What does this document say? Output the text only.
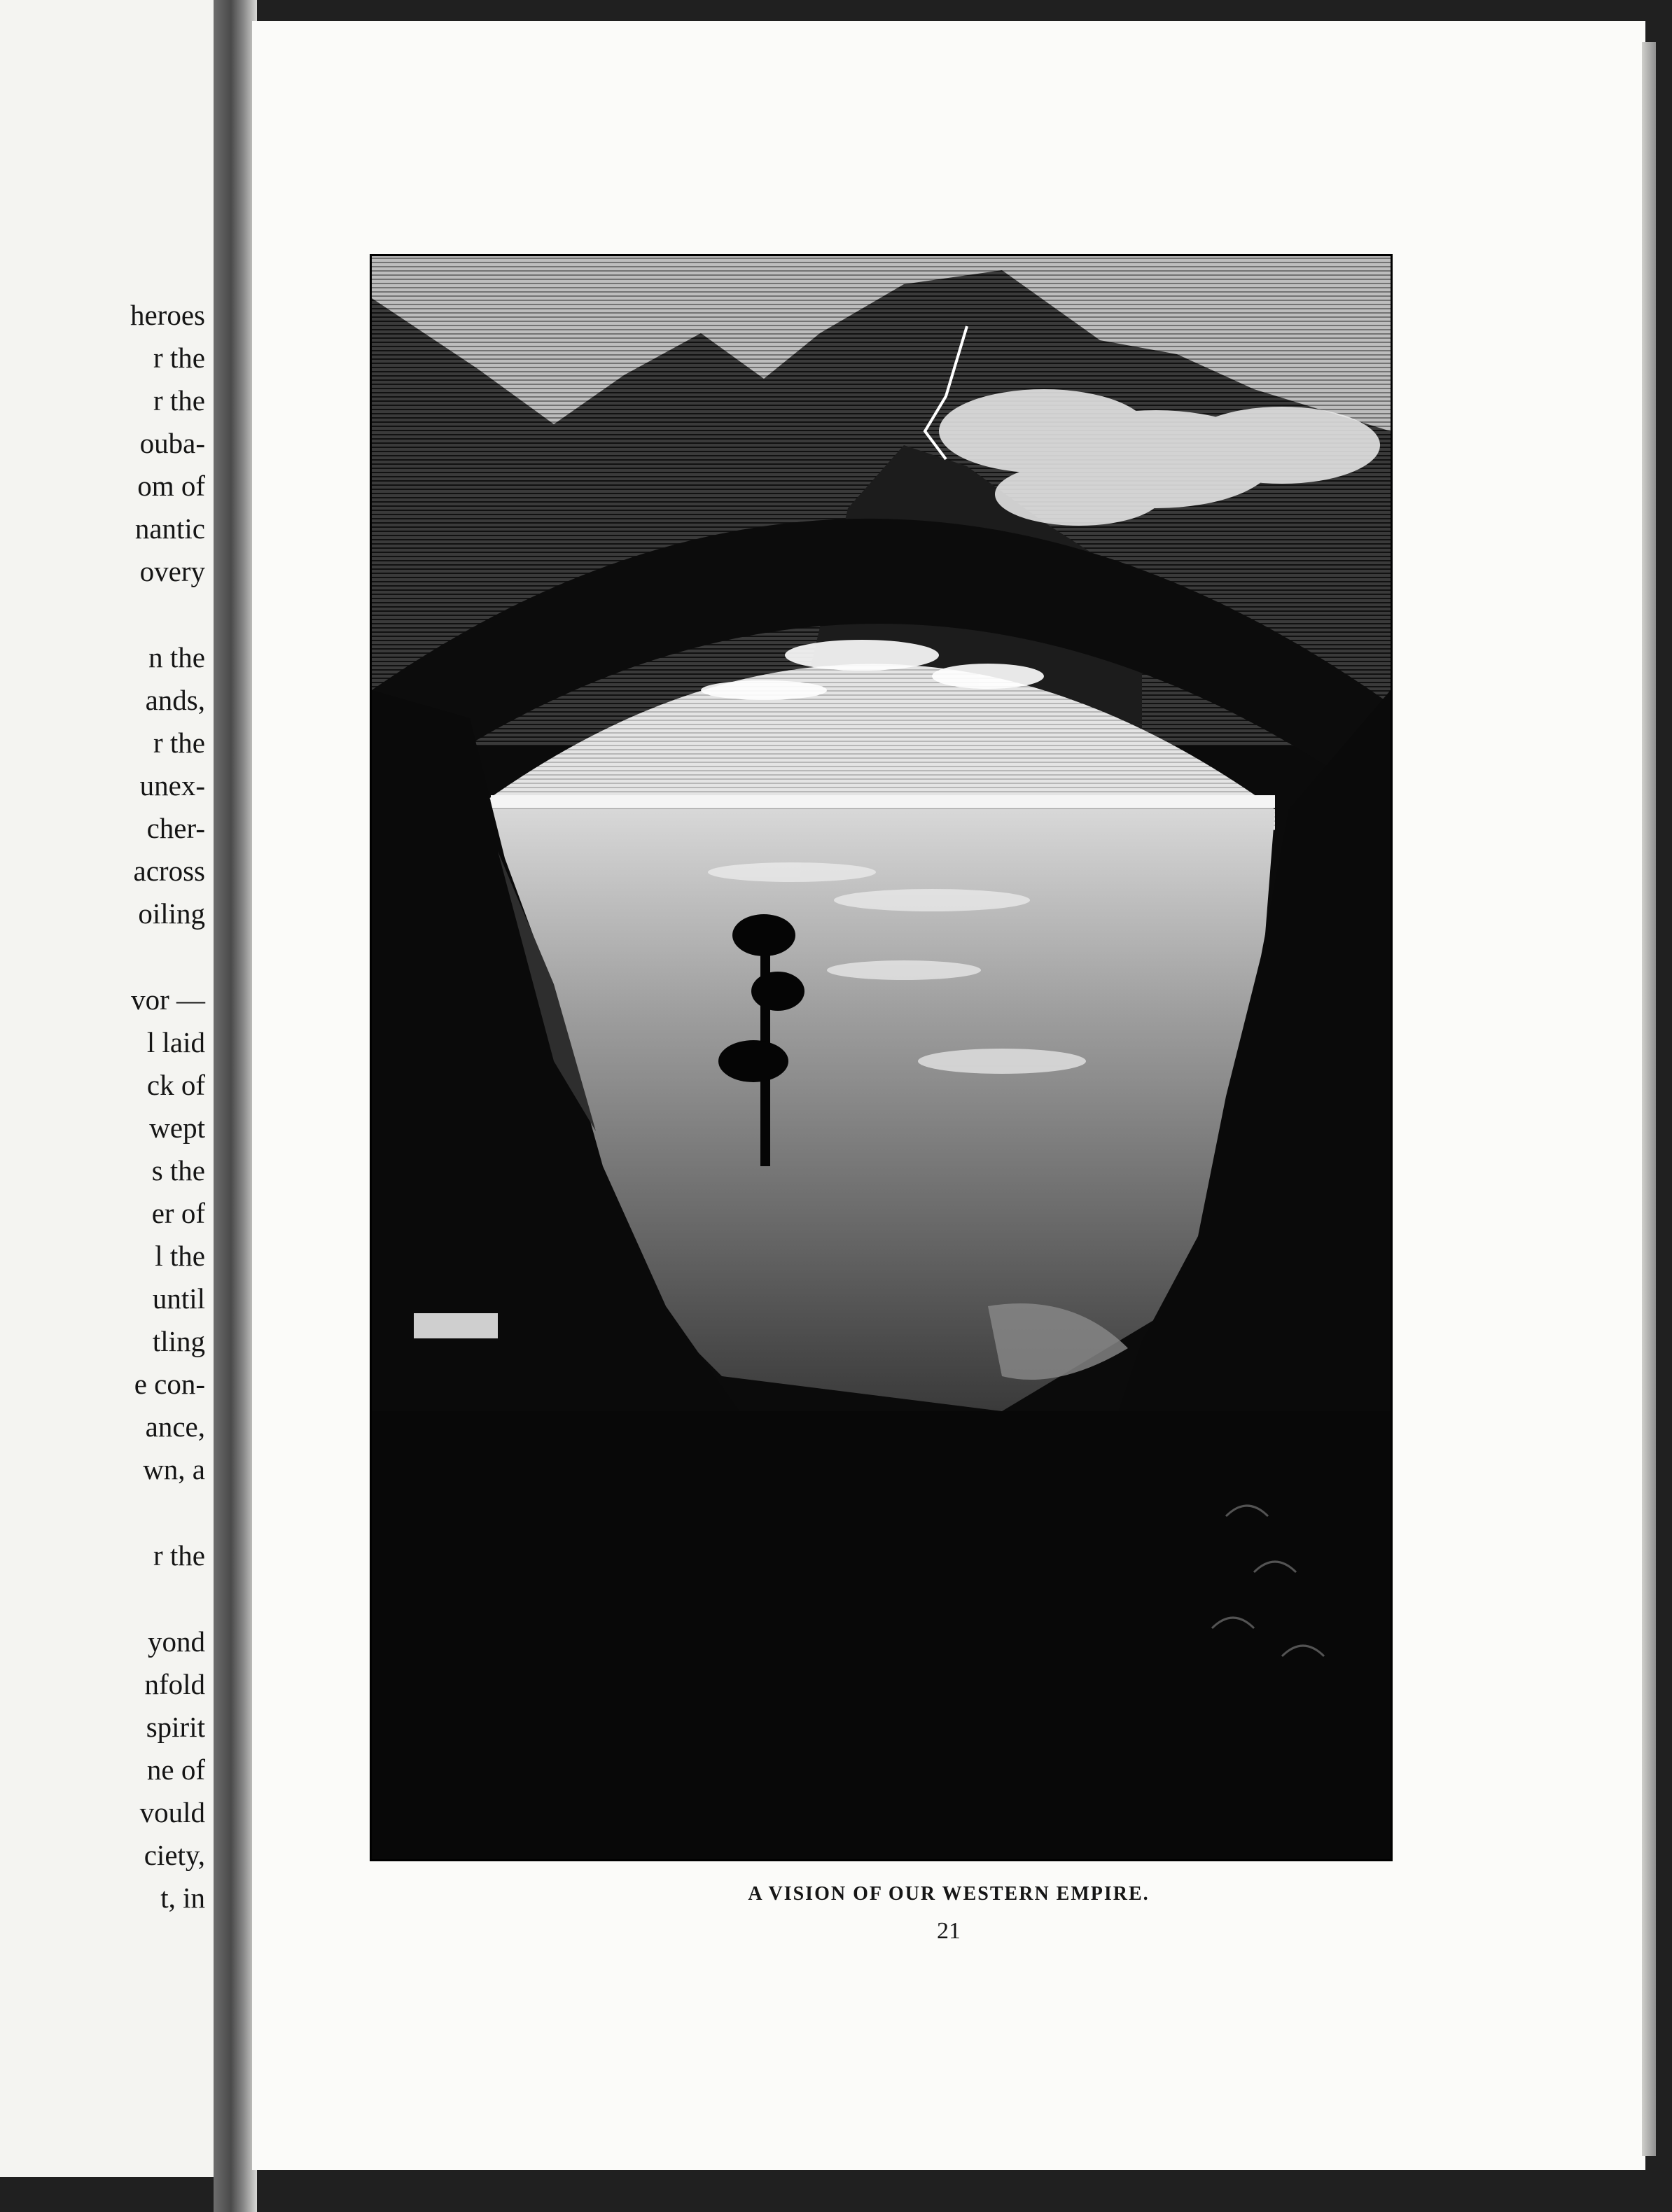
heroes
r the
r the
ouba-
om of
nantic
overy
n the
ands,
r the
unex-
cher-
across
oiling
vor —
l laid
ck of
wept
s the
er of
l the
until
tling
e con-
ance,
wn, a
r the
yond
nfold
spirit
ne of
vould
ciety,
t, in	A VISION OF OUR WESTERN EMPIRE.
21
